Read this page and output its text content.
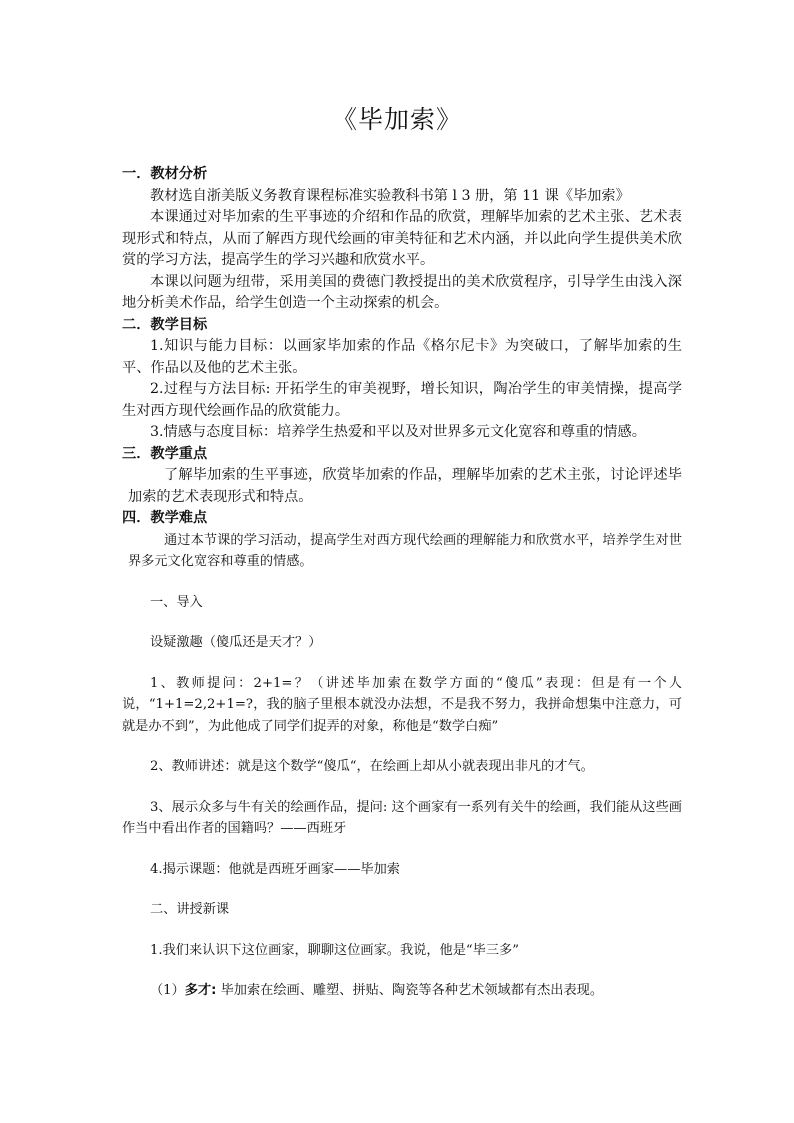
《毕加索》

一．教材分析

教材选自浙美版义务教育课程标准实验教科书第 l 3 册，第 11 课《毕加索》

本课通过对毕加索的生平事迹的介绍和作品的欣赏，理解毕加索的艺术主张、艺术表现形式和特点，从而了解西方现代绘画的审美特征和艺术内涵，并以此向学生提供美术欣赏的学习方法，提高学生的学习兴趣和欣赏水平。

本课以问题为纽带，采用美国的费德门教授提出的美术欣赏程序，引导学生由浅入深地分析美术作品，给学生创造一个主动探索的机会。

二．教学目标

1.知识与能力目标：以画家毕加索的作品《格尔尼卡》为突破口，了解毕加索的生平、作品以及他的艺术主张。

2.过程与方法目标: 开拓学生的审美视野，增长知识，陶冶学生的审美情操，提高学生对西方现代绘画作品的欣赏能力。

3.情感与态度目标：培养学生热爱和平以及对世界多元文化宽容和尊重的情感。

三．教学重点

了解毕加索的生平事迹，欣赏毕加索的作品，理解毕加索的艺术主张，讨论评述毕加索的艺术表现形式和特点。

四．教学难点

通过本节课的学习活动，提高学生对西方现代绘画的理解能力和欣赏水平，培养学生对世界多元文化宽容和尊重的情感。

一、导入

设疑激趣（傻瓜还是天才？）

1、教师提问：2+1=？（讲述毕加索在数学方面的“傻瓜”表现：但是有一个人说，“1+1=2,2+1=?，我的脑子里根本就没办法想，不是我不努力，我拼命想集中注意力，可就是办不到”，为此他成了同学们捉弄的对象，称他是“数学白痴”

2、教师讲述：就是这个数学“傻瓜“，在绘画上却从小就表现出非凡的才气。

3、展示众多与牛有关的绘画作品，提问: 这个画家有一系列有关牛的绘画，我们能从这些画作当中看出作者的国籍吗？——西班牙

4.揭示课题：他就是西班牙画家——毕加索

二、讲授新课

1.我们来认识下这位画家，聊聊这位画家。我说，他是“毕三多”

（1）多才: 毕加索在绘画、雕塑、拼贴、陶瓷等各种艺术领域都有杰出表现。
